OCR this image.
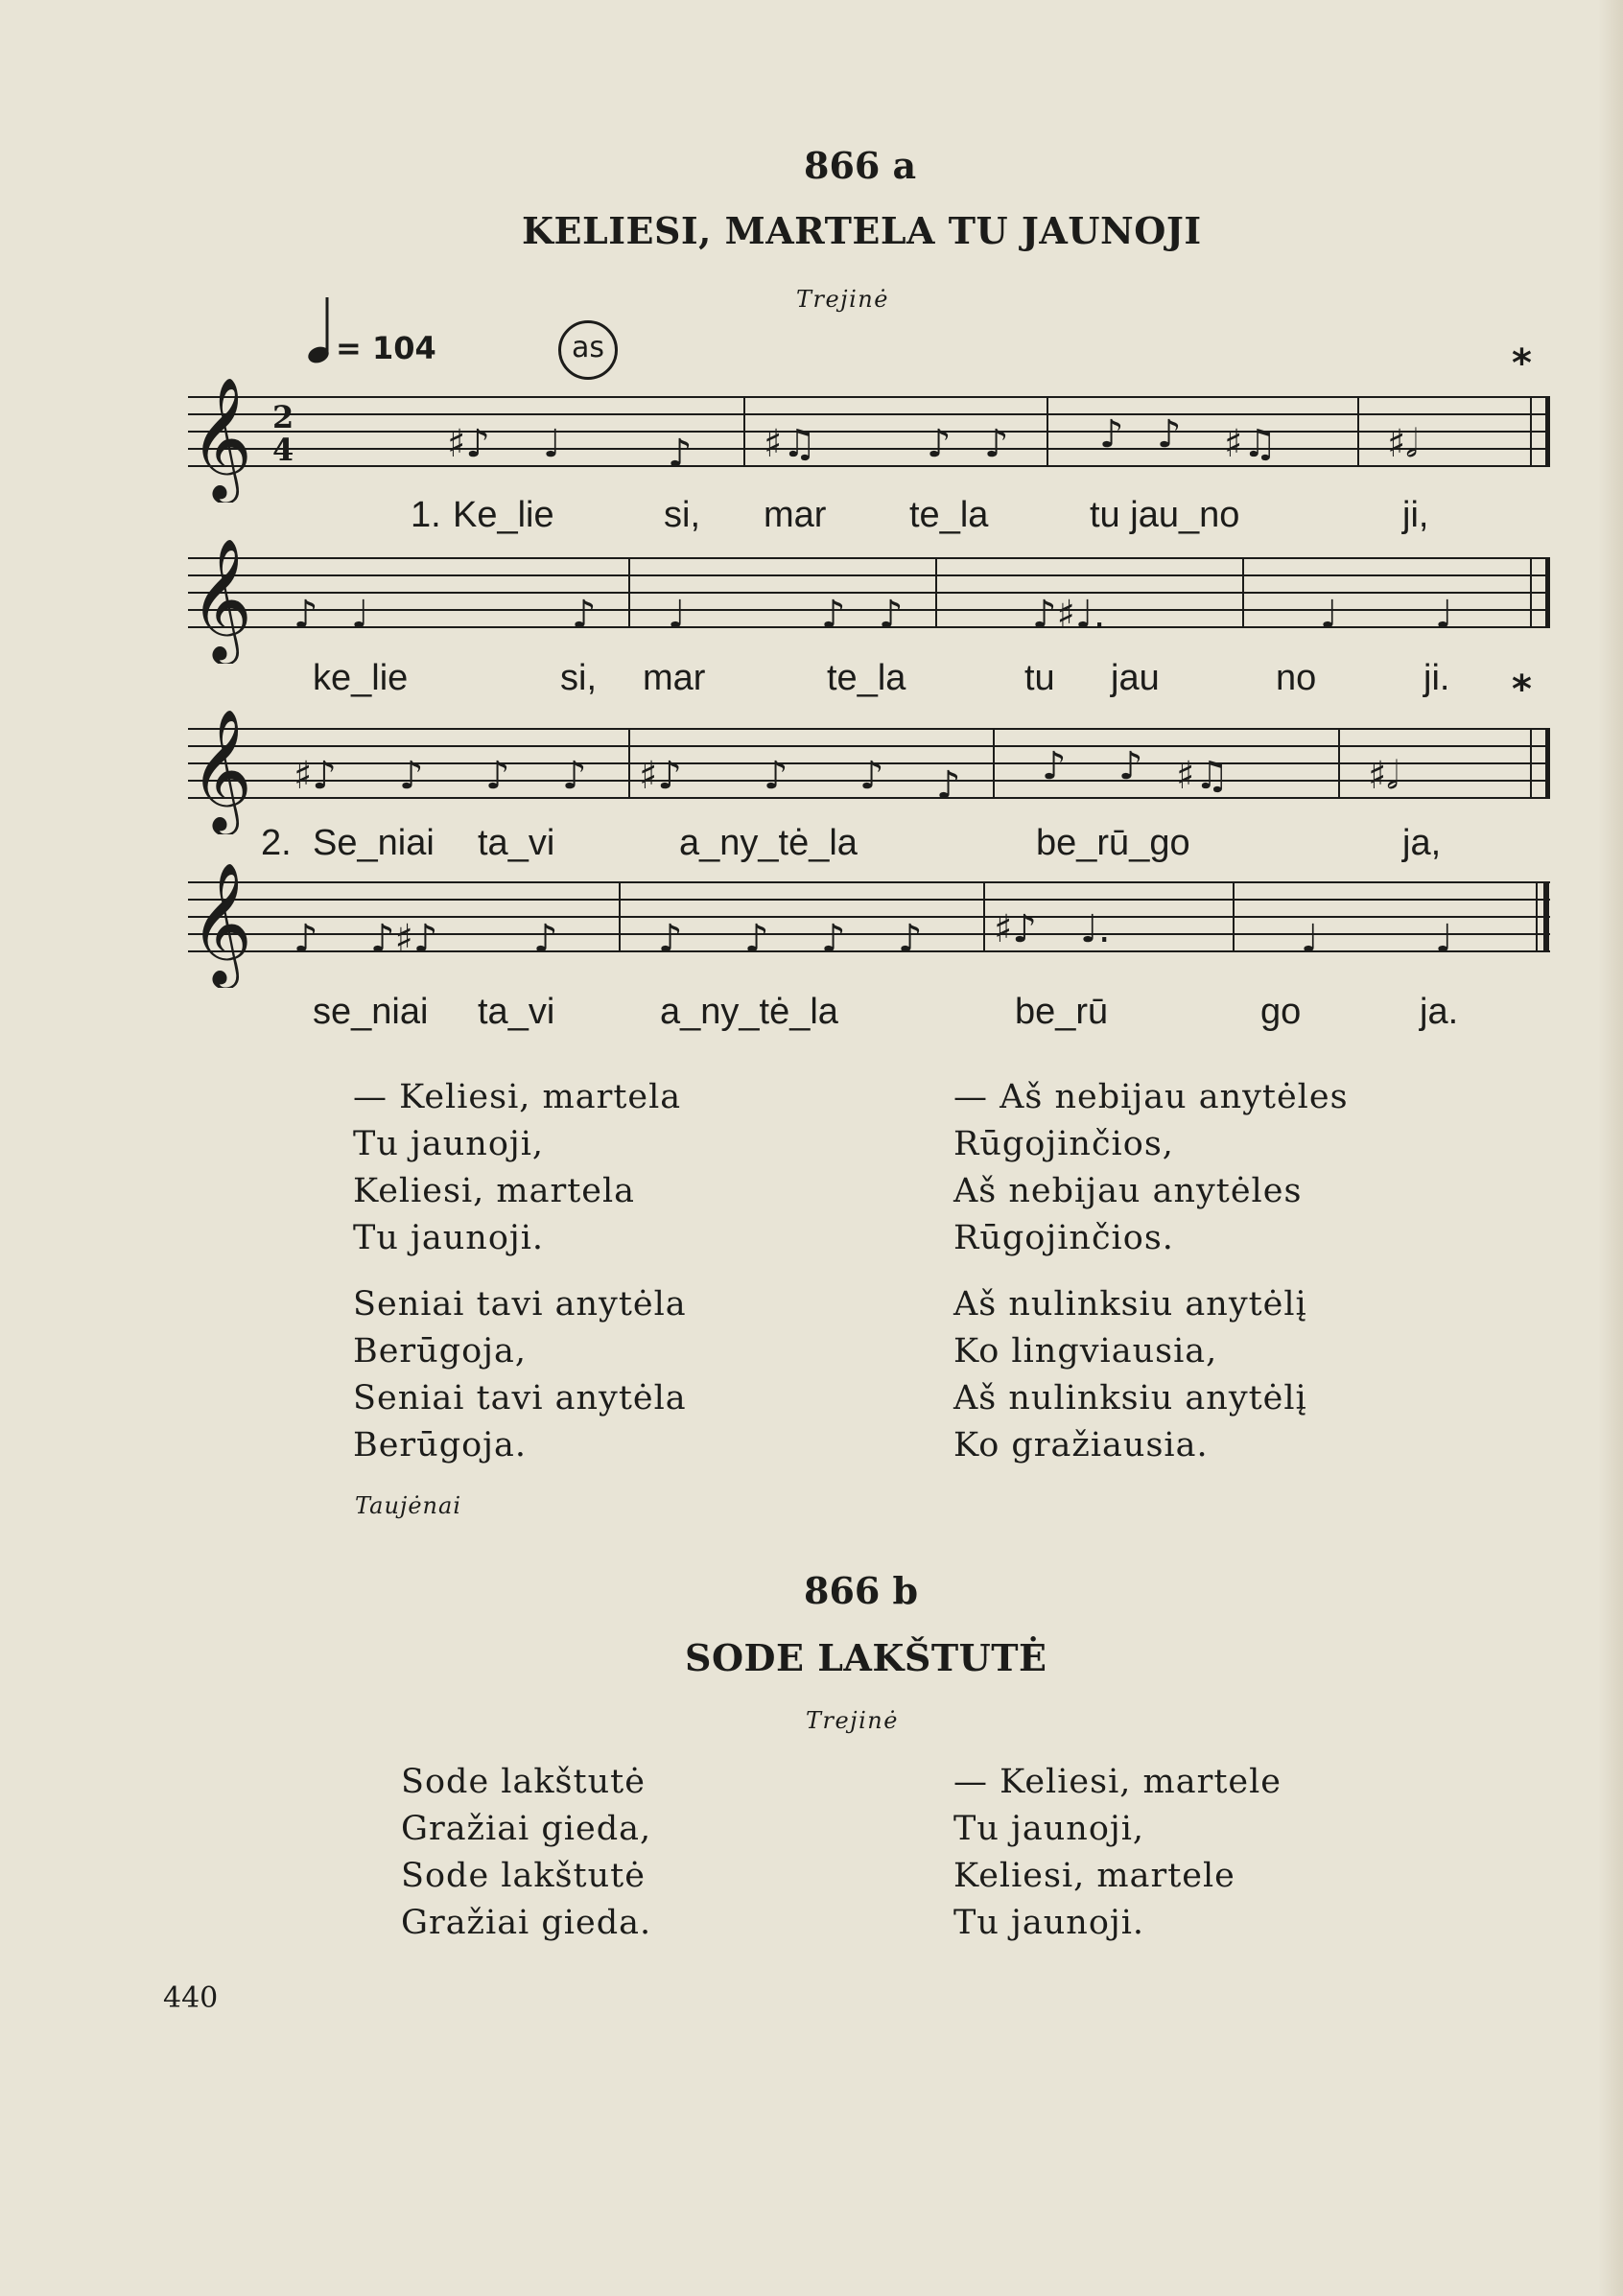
866 a
KELIESI, MARTELA TU JAUNOJI
Trejinė
= 104	as	*
*
𝄞 2
4	♯♪ ♩	♪ ♯♫	♪ ♪ ♪ ♪ ♯♫	♯𝅗𝅥
1. Ke_lie	si, mar te_la	tu jau_no	ji,
𝄞 ♪ ♩	♪ ♩	♪ ♪	♪♯♩.	♩	♩
ke_lie	si, mar	te_la	tu jau	no	ji.
𝄞 ♯♪ ♪ ♪ ♪ ♯♪ ♪ ♪ ♪ ♪ ♪ ♯♫	♯𝅗𝅥
2. Se_niai ta_vi	a_ny_tė_la	be_rū_go	ja,
𝄞 ♪ ♪♯♪ ♪	♪ ♪ ♪ ♪ ♯♪ ♩.	♩	♩
se_niai ta_vi	a_ny_tė_la	be_rū	go	ja.
— Keliesi, martela
Tu jaunoji,
Keliesi, martela
Tu jaunoji.
Seniai tavi anytėla
Berūgoja,
Seniai tavi anytėla
Berūgoja.
— Aš nebijau anytėles
Rūgojinčios,
Aš nebijau anytėles
Rūgojinčios.
Aš nulinksiu anytėlį
Ko lingviausia,
Aš nulinksiu anytėlį
Ko gražiausia.
Taujėnai
866 b
SODE LAKŠTUTĖ
Trejinė
Sode lakštutė
Gražiai gieda,
Sode lakštutė
Gražiai gieda.
— Keliesi, martele
Tu jaunoji,
Keliesi, martele
Tu jaunoji.
440
